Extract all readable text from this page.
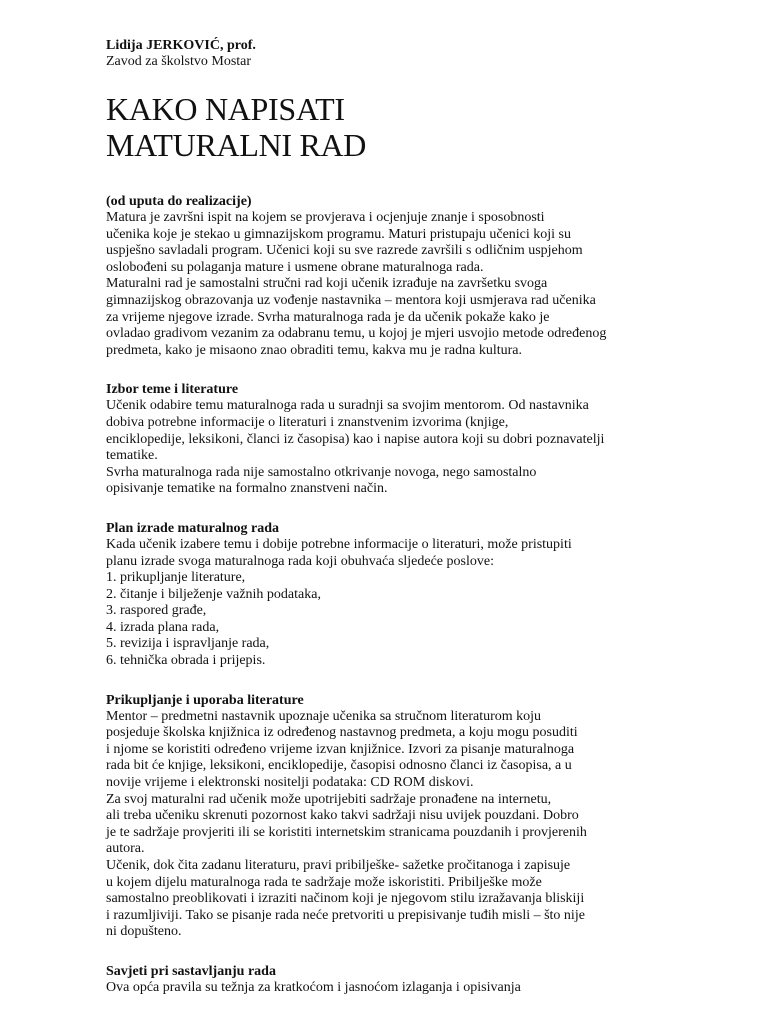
Lidija JERKOVIĆ, prof.

Zavod za školstvo Mostar

KAKO NAPISATI
MATURALNI RAD
(od uputa do realizacije)

Matura je završni ispit na kojem se provjerava i ocjenjuje znanje i sposobnosti

učenika koje je stekao u gimnazijskom programu. Maturi pristupaju učenici koji su

uspješno savladali program. Učenici koji su sve razrede završili s odličnim uspjehom

oslobođeni su polaganja mature i usmene obrane maturalnoga rada.

Maturalni rad je samostalni stručni rad koji učenik izrađuje na završetku svoga

gimnazijskog obrazovanja uz vođenje nastavnika – mentora koji usmjerava rad učenika

za vrijeme njegove izrade. Svrha maturalnoga rada je da učenik pokaže kako je

ovladao gradivom vezanim za odabranu temu, u kojoj je mjeri usvojio metode određenog

predmeta, kako je misaono znao obraditi temu, kakva mu je radna kultura.

Izbor teme i literature

Učenik odabire temu maturalnoga rada u suradnji sa svojim mentorom. Od nastavnika

dobiva potrebne informacije o literaturi i znanstvenim izvorima (knjige,

enciklopedije, leksikoni, članci iz časopisa) kao i napise autora koji su dobri poznavatelji

tematike.

Svrha maturalnoga rada nije samostalno otkrivanje novoga, nego samostalno

opisivanje tematike na formalno znanstveni način.

Plan izrade maturalnog rada

Kada učenik izabere temu i dobije potrebne informacije o literaturi, može pristupiti

planu izrade svoga maturalnoga rada koji obuhvaća sljedeće poslove:

1. prikupljanje literature,

2. čitanje i bilježenje važnih podataka,

3. raspored građe,

4. izrada plana rada,

5. revizija i ispravljanje rada,

6. tehnička obrada i prijepis.

Prikupljanje i uporaba literature

Mentor – predmetni nastavnik upoznaje učenika sa stručnom literaturom koju

posjeduje školska knjižnica iz određenog nastavnog predmeta, a koju mogu posuditi

i njome se koristiti određeno vrijeme izvan knjižnice. Izvori za pisanje maturalnoga

rada bit će knjige, leksikoni, enciklopedije, časopisi odnosno članci iz časopisa, a u

novije vrijeme i elektronski nositelji podataka: CD ROM diskovi.

Za svoj maturalni rad učenik može upotrijebiti sadržaje pronađene na internetu,

ali treba učeniku skrenuti pozornost kako takvi sadržaji nisu uvijek pouzdani. Dobro

je te sadržaje provjeriti ili se koristiti internetskim stranicama pouzdanih i provjerenih

autora.

Učenik, dok čita zadanu literaturu, pravi pribilješke- sažetke pročitanoga i zapisuje

u kojem dijelu maturalnoga rada te sadržaje može iskoristiti. Pribilješke može

samostalno preoblikovati i izraziti načinom koji je njegovom stilu izražavanja bliskiji

i razumljiviji. Tako se pisanje rada neće pretvoriti u prepisivanje tuđih misli – što nije

ni dopušteno.

Savjeti pri sastavljanju rada

Ova opća pravila su težnja za kratkoćom i jasnoćom izlaganja i opisivanja
